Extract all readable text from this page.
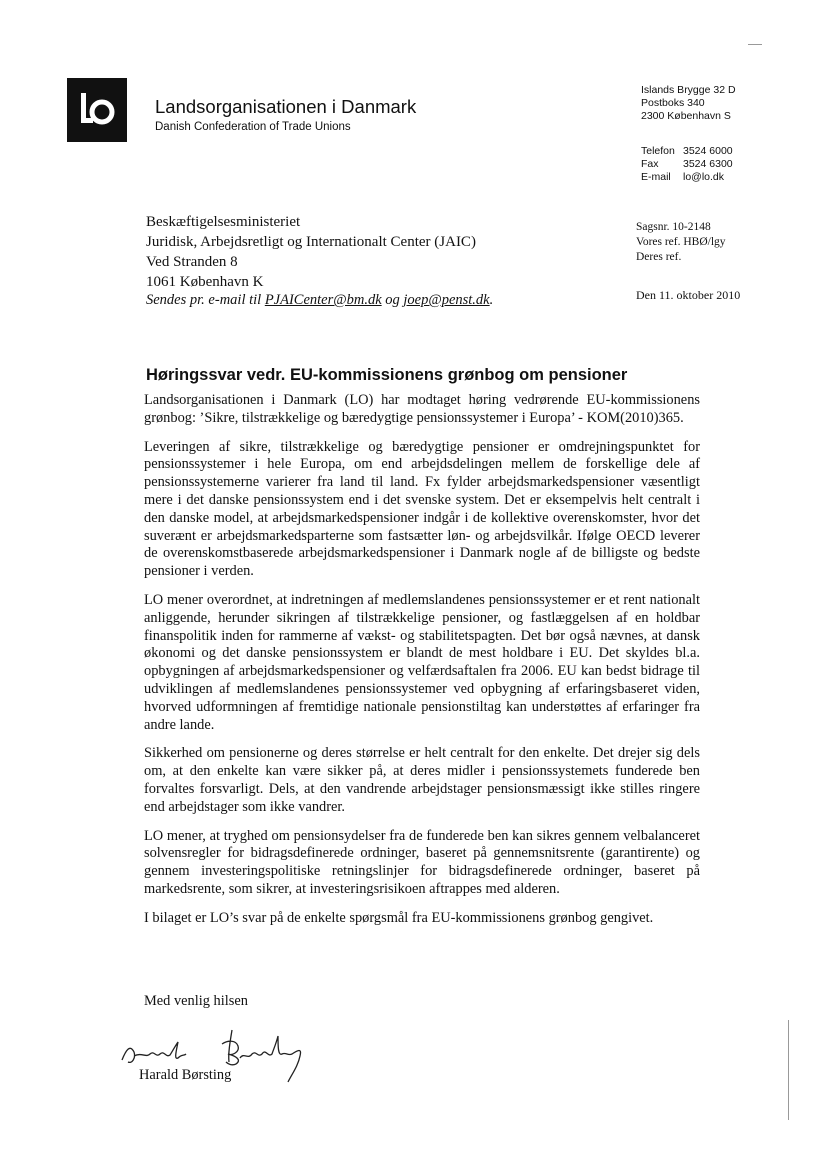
Landsorganisationen i Danmark
Danish Confederation of Trade Unions
Islands Brygge 32 D
Postboks 340
2300 København S
Telefon 3524 6000
Fax 3524 6300
E-mail lo@lo.dk
Beskæftigelsesministeriet
Juridisk, Arbejdsretligt og Internationalt Center (JAIC)
Ved Stranden 8
1061 København K
Sagsnr. 10-2148
Vores ref. HBØ/lgy
Deres ref.
Sendes pr. e-mail til PJAICenter@bm.dk og joep@penst.dk.	Den 11. oktober 2010
Høringssvar vedr. EU-kommissionens grønbog om pensioner

Landsorganisationen i Danmark (LO) har modtaget høring vedrørende EU-kommissionens grønbog: ’Sikre, tilstrækkelige og bæredygtige pensionssystemer i Europa’ - KOM(2010)365.

Leveringen af sikre, tilstrækkelige og bæredygtige pensioner er omdrejningspunktet for pensionssystemer i hele Europa, om end arbejdsdelingen mellem de forskellige dele af pensionssystemerne varierer fra land til land. Fx fylder arbejdsmarkedspensioner væsentligt mere i det danske pensionssystem end i det svenske system. Det er eksempelvis helt centralt i den danske model, at arbejdsmarkedspensioner indgår i de kollektive overenskomster, hvor det suverænt er arbejdsmarkedsparterne som fastsætter løn- og arbejdsvilkår. Ifølge OECD leverer de overenskomstbaserede arbejdsmarkedspensioner i Danmark nogle af de billigste og bedste pensioner i verden.

LO mener overordnet, at indretningen af medlemslandenes pensionssystemer er et rent nationalt anliggende, herunder sikringen af tilstrækkelige pensioner, og fastlæggelsen af en holdbar finanspolitik inden for rammerne af vækst- og stabilitetspagten. Det bør også nævnes, at dansk økonomi og det danske pensionssystem er blandt de mest holdbare i EU. Det skyldes bl.a. opbygningen af arbejdsmarkedspensioner og velfærdsaftalen fra 2006. EU kan bedst bidrage til udviklingen af medlemslandenes pensionssystemer ved opbygning af erfaringsbaseret viden, hvorved udformningen af fremtidige nationale pensionstiltag kan understøttes af erfaringer fra andre lande.

Sikkerhed om pensionerne og deres størrelse er helt centralt for den enkelte. Det drejer sig dels om, at den enkelte kan være sikker på, at deres midler i pensionssystemets funderede ben forvaltes forsvarligt. Dels, at den vandrende arbejdstager pensionsmæssigt ikke stilles ringere end arbejdstager som ikke vandrer.

LO mener, at tryghed om pensionsydelser fra de funderede ben kan sikres gennem velbalanceret solvensregler for bidragsdefinerede ordninger, baseret på gennemsnitsrente (garantirente) og gennem investeringspolitiske retningslinjer for bidragsdefinerede ordninger, baseret på markedsrente, som sikrer, at investeringsrisikoen aftrappes med alderen.

I bilaget er LO’s svar på de enkelte spørgsmål fra EU-kommissionens grønbog gengivet.

Med venlig hilsen
Harald Børsting
